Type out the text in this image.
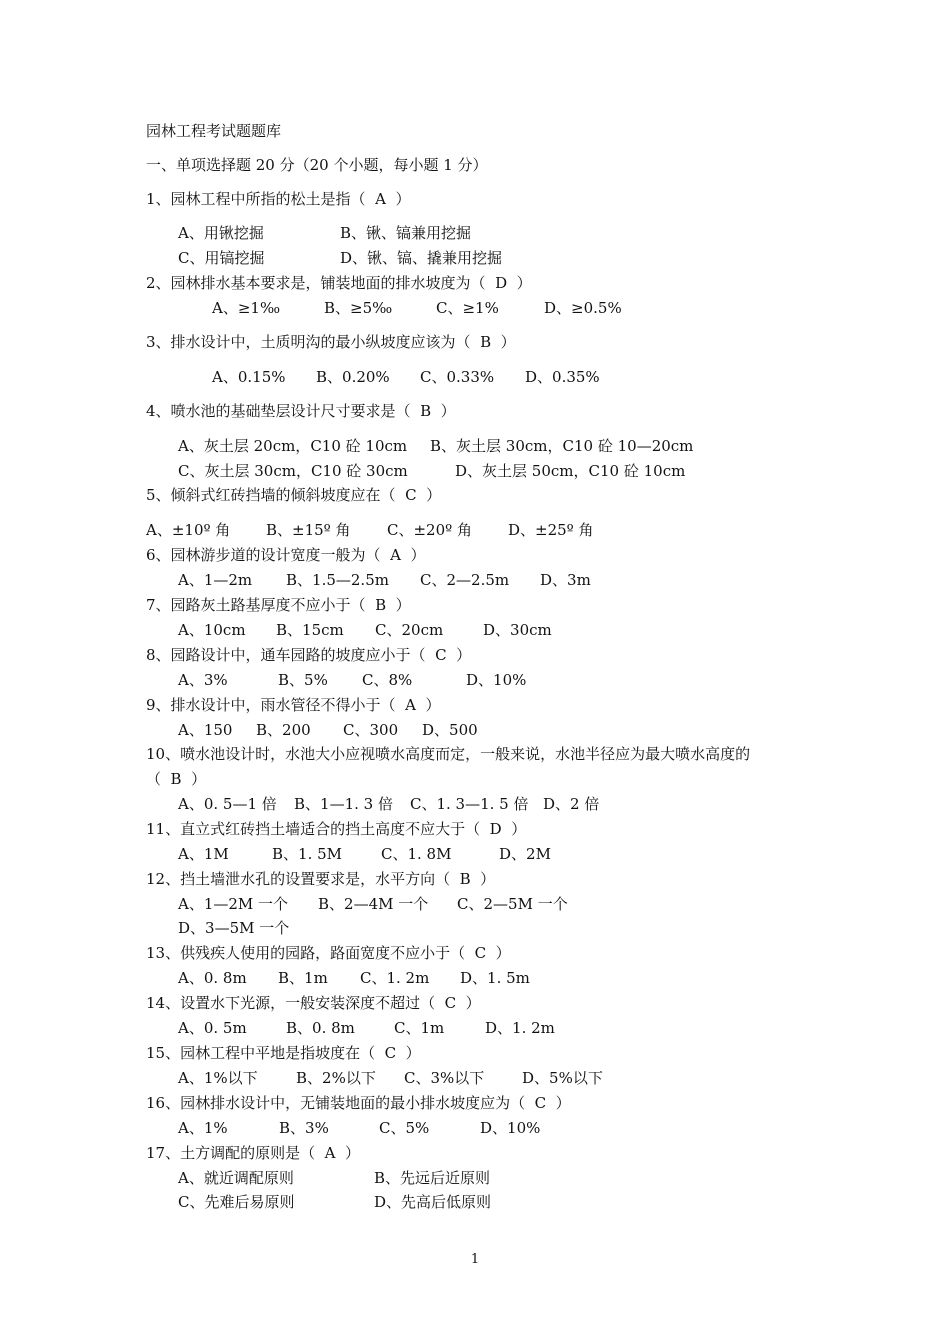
园林工程考试题题库
一、单项选择题 20 分（20 个小题，每小题 1 分）
1、园林工程中所指的松土是指（  A  ）
A、用锹挖掘	B、锹、镐兼用挖掘
C、用镐挖掘	D、锹、镐、撬兼用挖掘
2、园林排水基本要求是，铺装地面的排水坡度为（  D  ）
A、≥1‰	B、≥5‰	C、≥1%	D、≥0.5%
3、排水设计中，土质明沟的最小纵坡度应该为（  B  ）
A、0.15% B、0.20% C、0.33% D、0.35%
4、喷水池的基础垫层设计尺寸要求是（  B  ）
A、灰土层 20cm，C10 砼 10cm B、灰土层 30cm，C10 砼 10—20cm
C、灰土层 30cm，C10 砼 30cm	D、灰土层 50cm，C10 砼 10cm
5、倾斜式红砖挡墙的倾斜坡度应在（  C  ）
A、±10º 角 B、±15º 角 C、±20º 角 D、±25º 角
6、园林游步道的设计宽度一般为（  A  ）
A、1—2m B、1.5—2.5m C、2—2.5m D、3m
7、园路灰土路基厚度不应小于（  B  ）
A、10cm B、15cm C、20cm	D、30cm
8、园路设计中，通车园路的坡度应小于（  C  ）
A、3%	B、5% C、8%	D、10%
9、排水设计中，雨水管径不得小于（  A  ）
A、150 B、200 C、300 D、500
10、喷水池设计时，水池大小应视喷水高度而定，一般来说，水池半径应为最大喷水高度的
（  B  ）
A、0. 5—1 倍 B、1—1. 3 倍 C、1. 3—1. 5 倍 D、2 倍
11、直立式红砖挡土墙适合的挡土高度不应大于（  D  ）
A、1M	B、1. 5M	C、1. 8M	D、2M
12、挡土墙泄水孔的设置要求是，水平方向（  B  ）
A、1—2M 一个 B、2—4M 一个 C、2—5M 一个
D、3—5M 一个
13、供残疾人使用的园路，路面宽度不应小于（  C  ）
A、0. 8m B、1m C、1. 2m D、1. 5m
14、设置水下光源，一般安装深度不超过（  C  ）
A、0. 5m	B、0. 8m	C、1m	D、1. 2m
15、园林工程中平地是指坡度在（  C  ）
A、1%以下	B、2%以下 C、3%以下	D、5%以下
16、园林排水设计中，无铺装地面的最小排水坡度应为（  C  ）
A、1%	B、3%	C、5%	D、10%
17、土方调配的原则是（  A  ）
A、就近调配原则	B、先远后近原则
C、先难后易原则	D、先高后低原则
1
